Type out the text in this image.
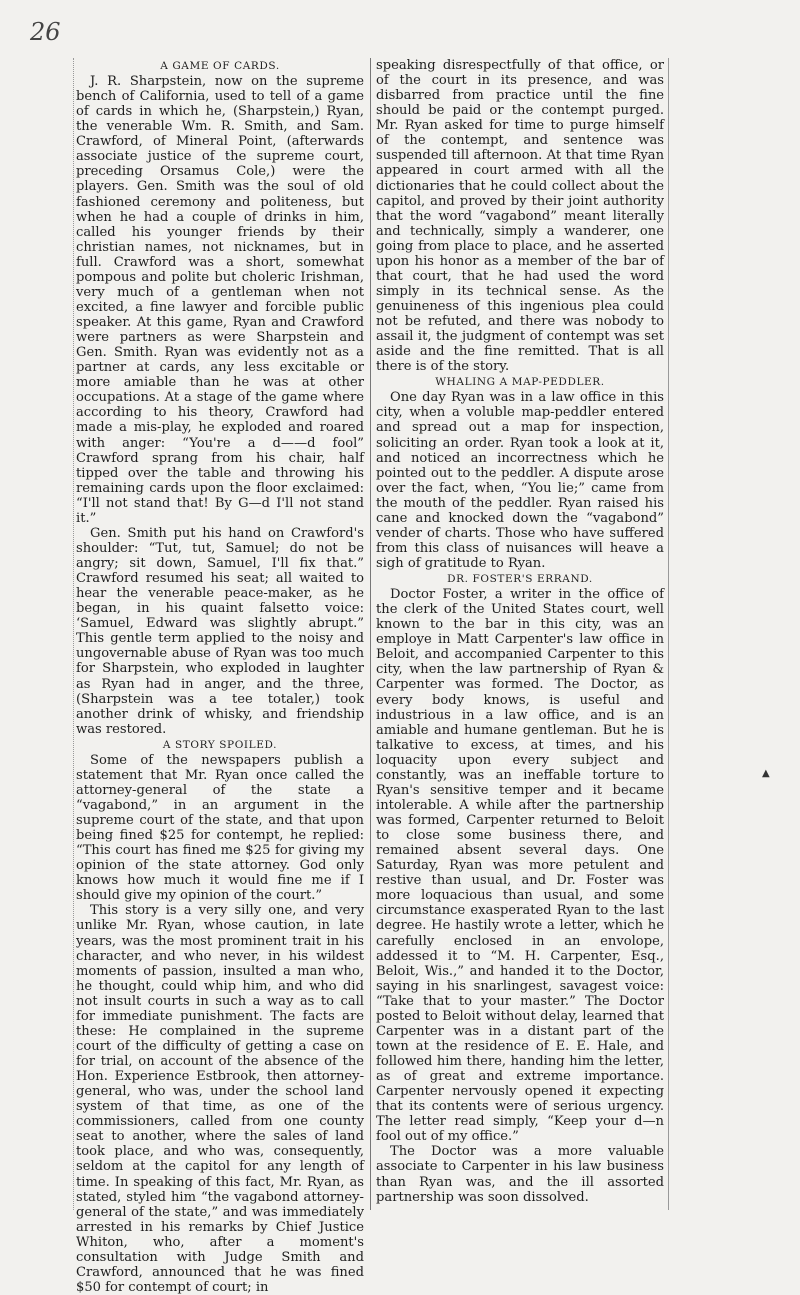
26
A GAME OF CARDS.

J. R. Sharpstein, now on the supreme bench of California, used to tell of a game of cards in which he, (Sharpstein,) Ryan, the venerable Wm. R. Smith, and Sam. Crawford, of Mineral Point, (afterwards associate justice of the supreme court, preceding Orsamus Cole,) were the players. Gen. Smith was the soul of old fashioned ceremony and politeness, but when he had a couple of drinks in him, called his younger friends by their christian names, not nicknames, but in full. Crawford was a short, somewhat pompous and polite but choleric Irishman, very much of a gentleman when not excited, a fine lawyer and forcible public speaker. At this game, Ryan and Crawford were partners as were Sharpstein and Gen. Smith. Ryan was evidently not as a partner at cards, any less excitable or more amiable than he was at other occupations. At a stage of the game where according to his theory, Crawford had made a mis-play, he exploded and roared with anger: “You're a d——d fool” Crawford sprang from his chair, half tipped over the table and throwing his remaining cards upon the floor exclaimed: “I'll not stand that! By G—d I'll not stand it.”

Gen. Smith put his hand on Crawford's shoulder: “Tut, tut, Samuel; do not be angry; sit down, Samuel, I'll fix that.” Crawford resumed his seat; all waited to hear the venerable peace-maker, as he began, in his quaint falsetto voice: ‘Samuel, Edward was slightly abrupt.” This gentle term applied to the noisy and ungovernable abuse of Ryan was too much for Sharpstein, who exploded in laughter as Ryan had in anger, and the three, (Sharpstein was a tee totaler,) took another drink of whisky, and friendship was restored.

A STORY SPOILED.

Some of the newspapers publish a statement that Mr. Ryan once called the attorney-general of the state a “vagabond,” in an argument in the supreme court of the state, and that upon being fined $25 for contempt, he replied: “This court has fined me $25 for giving my opinion of the state attorney. God only knows how much it would fine me if I should give my opinion of the court.”

This story is a very silly one, and very unlike Mr. Ryan, whose caution, in late years, was the most prominent trait in his character, and who never, in his wildest moments of passion, insulted a man who, he thought, could whip him, and who did not insult courts in such a way as to call for immediate punishment. The facts are these: He complained in the supreme court of the difficulty of getting a case on for trial, on account of the absence of the Hon. Experience Estbrook, then attorney-general, who was, under the school land system of that time, as one of the commissioners, called from one county seat to another, where the sales of land took place, and who was, consequently, seldom at the capitol for any length of time. In speaking of this fact, Mr. Ryan, as stated, styled him “the vagabond attorney-general of the state,” and was immediately arrested in his remarks by Chief Justice Whiton, who, after a moment's consultation with Judge Smith and Crawford, announced that he was fined $50 for contempt of court; in

speaking disrespectfully of that office, or of the court in its presence, and was disbarred from practice until the fine should be paid or the contempt purged. Mr. Ryan asked for time to purge himself of the contempt, and sentence was suspended till afternoon. At that time Ryan appeared in court armed with all the dictionaries that he could collect about the capitol, and proved by their joint authority that the word “vagabond” meant literally and technically, simply a wanderer, one going from place to place, and he asserted upon his honor as a member of the bar of that court, that he had used the word simply in its technical sense. As the genuineness of this ingenious plea could not be refuted, and there was nobody to assail it, the judgment of contempt was set aside and the fine remitted. That is all there is of the story.

WHALING A MAP-PEDDLER.

One day Ryan was in a law office in this city, when a voluble map-peddler entered and spread out a map for inspection, soliciting an order. Ryan took a look at it, and noticed an incorrectness which he pointed out to the peddler. A dispute arose over the fact, when, “You lie;” came from the mouth of the peddler. Ryan raised his cane and knocked down the “vagabond” vender of charts. Those who have suffered from this class of nuisances will heave a sigh of gratitude to Ryan.

DR. FOSTER'S ERRAND.

Doctor Foster, a writer in the office of the clerk of the United States court, well known to the bar in this city, was an employe in Matt Carpenter's law office in Beloit, and accompanied Carpenter to this city, when the law partnership of Ryan & Carpenter was formed. The Doctor, as every body knows, is useful and industrious in a law office, and is an amiable and humane gentleman. But he is talkative to excess, at times, and his loquacity upon every subject and constantly, was an ineffable torture to Ryan's sensitive temper and it became intolerable. A while after the partnership was formed, Carpenter returned to Beloit to close some business there, and remained absent several days. One Saturday, Ryan was more petulent and restive than usual, and Dr. Foster was more loquacious than usual, and some circumstance exasperated Ryan to the last degree. He hastily wrote a letter, which he carefully enclosed in an envolope, addessed it to “M. H. Carpenter, Esq., Beloit, Wis.,” and handed it to the Doctor, saying in his snarlingest, savagest voice: “Take that to your master.” The Doctor posted to Beloit without delay, learned that Carpenter was in a distant part of the town at the residence of E. E. Hale, and followed him there, handing him the letter, as of great and extreme importance. Carpenter nervously opened it expecting that its contents were of serious urgency. The letter read simply, “Keep your d—n fool out of my office.”

The Doctor was a more valuable associate to Carpenter in his law business than Ryan was, and the ill assorted partnership was soon dissolved.

▲
